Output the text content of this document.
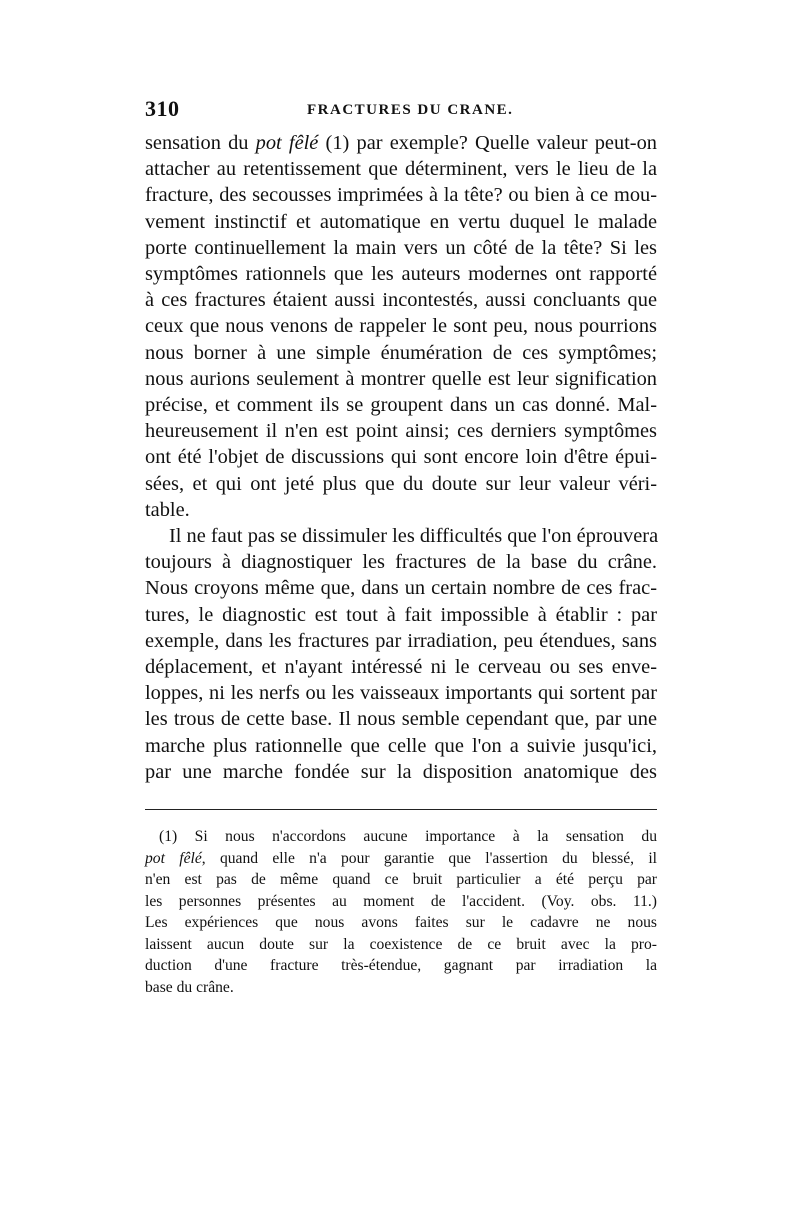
310	FRACTURES DU CRANE.
sensation du pot fêlé (1) par exemple? Quelle valeur peut-on
attacher au retentissement que déterminent, vers le lieu de la
fracture, des secousses imprimées à la tête? ou bien à ce mou-
vement instinctif et automatique en vertu duquel le malade
porte continuellement la main vers un côté de la tête? Si les
symptômes rationnels que les auteurs modernes ont rapporté
à ces fractures étaient aussi incontestés, aussi concluants que
ceux que nous venons de rappeler le sont peu, nous pourrions
nous borner à une simple énumération de ces symptômes;
nous aurions seulement à montrer quelle est leur signification
précise, et comment ils se groupent dans un cas donné. Mal-
heureusement il n'en est point ainsi; ces derniers symptômes
ont été l'objet de discussions qui sont encore loin d'être épui-
sées, et qui ont jeté plus que du doute sur leur valeur véri-
table.
Il ne faut pas se dissimuler les difficultés que l'on éprouvera
toujours à diagnostiquer les fractures de la base du crâne.
Nous croyons même que, dans un certain nombre de ces frac-
tures, le diagnostic est tout à fait impossible à établir : par
exemple, dans les fractures par irradiation, peu étendues, sans
déplacement, et n'ayant intéressé ni le cerveau ou ses enve-
loppes, ni les nerfs ou les vaisseaux importants qui sortent par
les trous de cette base. Il nous semble cependant que, par une
marche plus rationnelle que celle que l'on a suivie jusqu'ici,
par une marche fondée sur la disposition anatomique des
(1) Si nous n'accordons aucune importance à la sensation du
pot fêlé, quand elle n'a pour garantie que l'assertion du blessé, il
n'en est pas de même quand ce bruit particulier a été perçu par
les personnes présentes au moment de l'accident. (Voy. obs. 11.)
Les expériences que nous avons faites sur le cadavre ne nous
laissent aucun doute sur la coexistence de ce bruit avec la pro-
duction d'une fracture très-étendue, gagnant par irradiation la
base du crâne.
